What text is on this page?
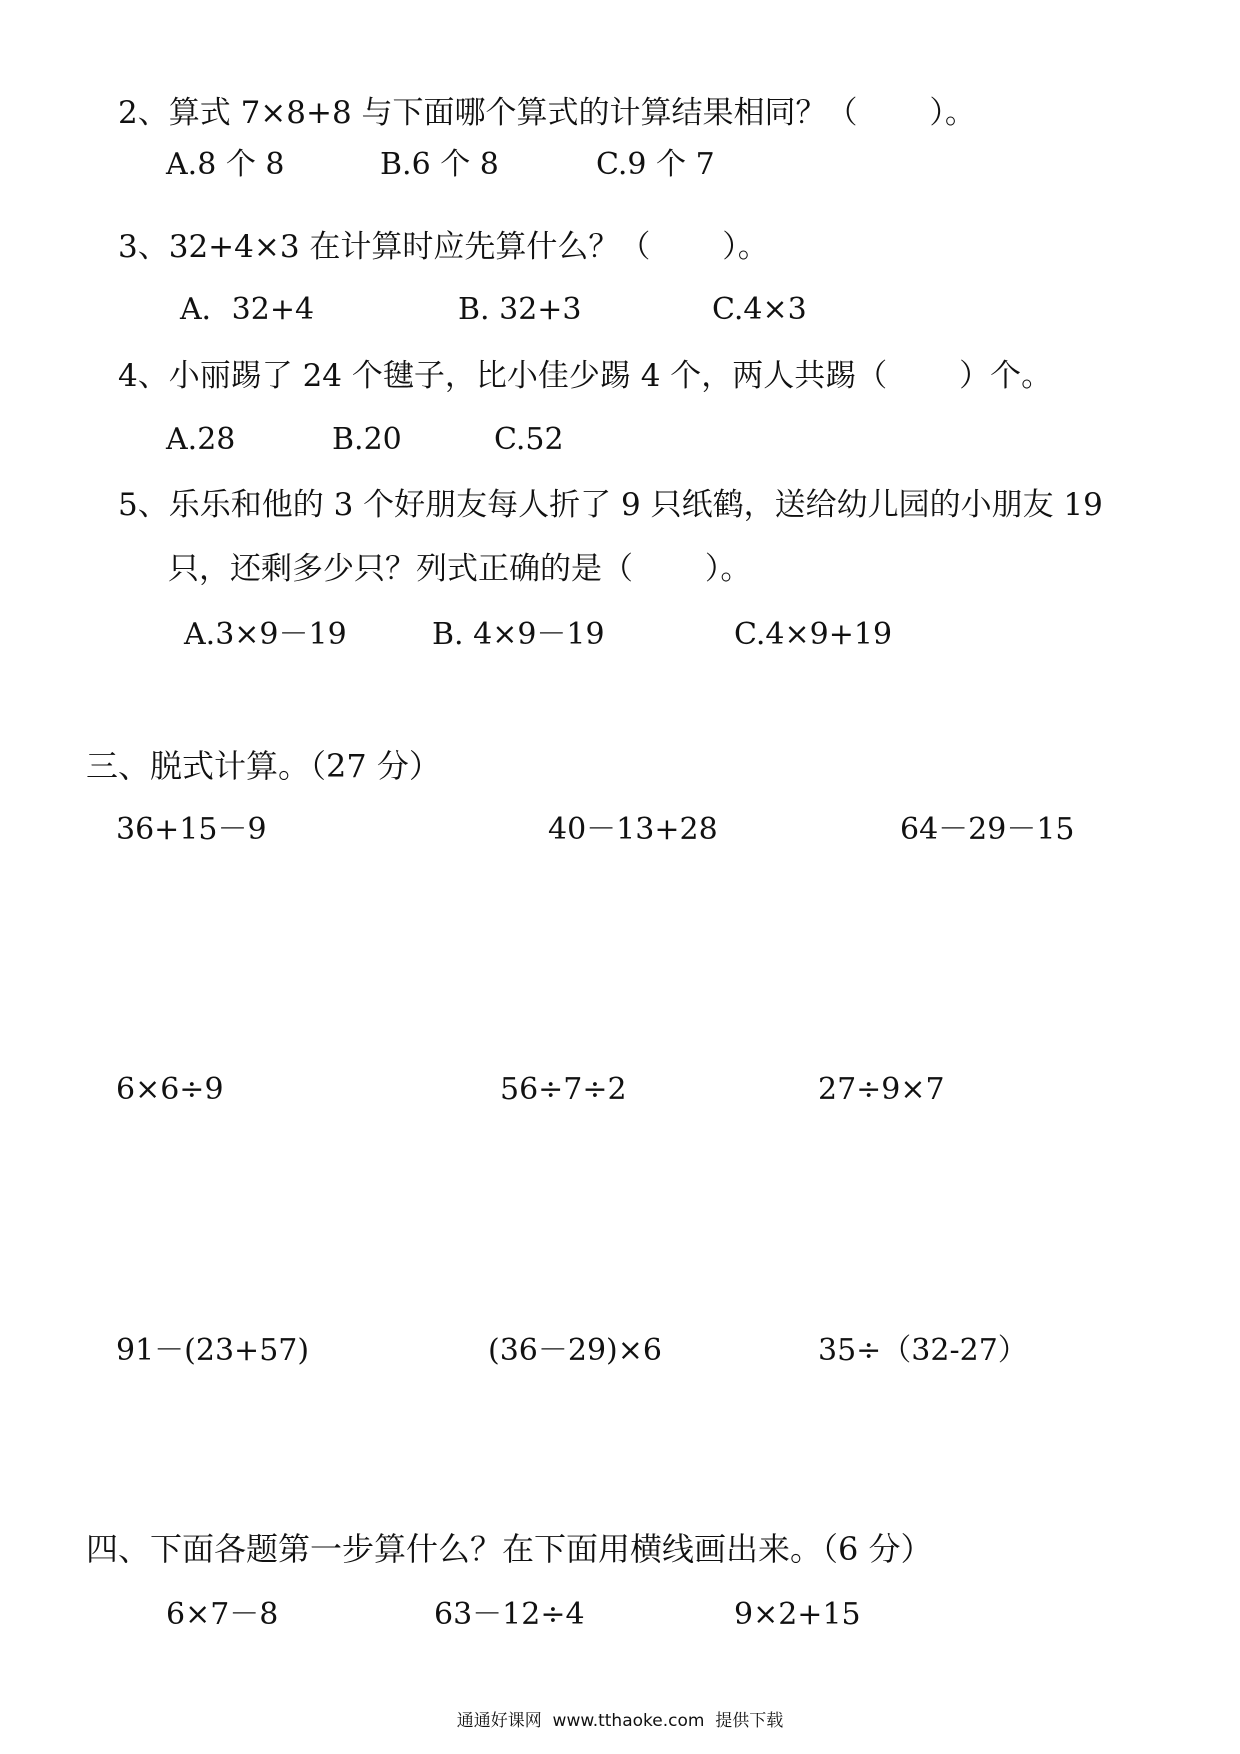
2、算式 7×8+8 与下面哪个算式的计算结果相同？（　　 ）。
A.8 个 8	B.6 个 8	C.9 个 7
3、32+4×3 在计算时应先算什么？（　　 ）。
A．32+4	B. 32+3	C.4×3
4、小丽踢了 24 个毽子，比小佳少踢 4 个，两人共踢（　　 ）个。
A.28	B.20	C.52
5、乐乐和他的 3 个好朋友每人折了 9 只纸鹤，送给幼儿园的小朋友 19
只，还剩多少只？列式正确的是（　　 ）。
A.3×9－19	B. 4×9－19	C.4×9+19
三、脱式计算。（27 分）
36+15－9	40－13+28	64－29－15
6×6÷9	56÷7÷2	27÷9×7
91－(23+57)	(36－29)×6	35÷（32-27）
四、下面各题第一步算什么？在下面用横线画出来。（6 分）
6×7－8	63－12÷4	9×2+15
通通好课网  www.tthaoke.com  提供下载
